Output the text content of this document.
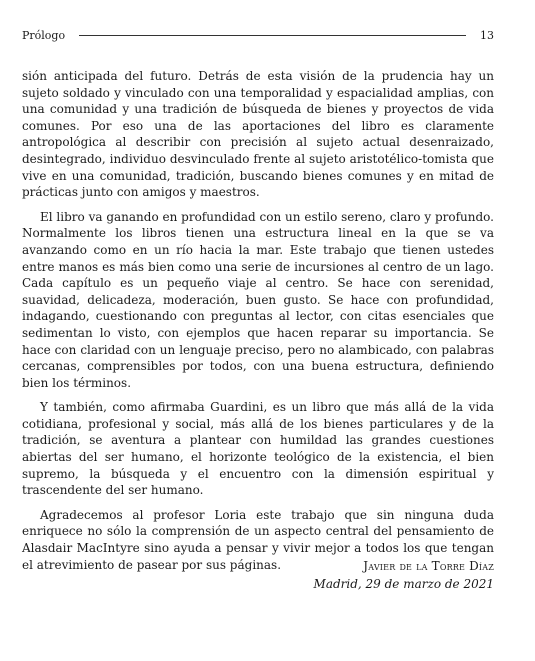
Prólogo	13

sión anticipada del futuro. Detrás de esta visión de la prudencia hay un sujeto soldado y vinculado con una temporalidad y espacialidad amplias, con una comunidad y una tradición de búsqueda de bienes y proyectos de vida comunes. Por eso una de las aportaciones del libro es claramente antropológica al describir con precisión al sujeto actual desenraizado, desintegrado, individuo desvinculado frente al sujeto aristotélico-tomista que vive en una comunidad, tradición, buscando bienes comunes y en mitad de prácticas junto con amigos y maestros.

El libro va ganando en profundidad con un estilo sereno, claro y profundo. Normalmente los libros tienen una estructura lineal en la que se va avanzando como en un río hacia la mar. Este trabajo que tienen ustedes entre manos es más bien como una serie de incursiones al centro de un lago. Cada capítulo es un pequeño viaje al centro. Se hace con serenidad, suavidad, delicadeza, moderación, buen gusto. Se hace con profundidad, indagando, cuestionando con preguntas al lector, con citas esenciales que sedimentan lo visto, con ejemplos que hacen reparar su importancia. Se hace con claridad con un lenguaje preciso, pero no alambicado, con palabras cercanas, comprensibles por todos, con una buena estructura, definiendo bien los términos.

Y también, como afirmaba Guardini, es un libro que más allá de la vida cotidiana, profesional y social, más allá de los bienes particulares y de la tradición, se aventura a plantear con humildad las grandes cuestiones abiertas del ser humano, el horizonte teológico de la existencia, el bien supremo, la búsqueda y el encuentro con la dimensión espiritual y trascendente del ser humano.

Agradecemos al profesor Loria este trabajo que sin ninguna duda enriquece no sólo la comprensión de un aspecto central del pensamiento de Alasdair MacIntyre sino ayuda a pensar y vivir mejor a todos los que tengan el atrevimiento de pasear por sus páginas.	Javier de la Torre Díaz
Madrid, 29 de marzo de 2021
